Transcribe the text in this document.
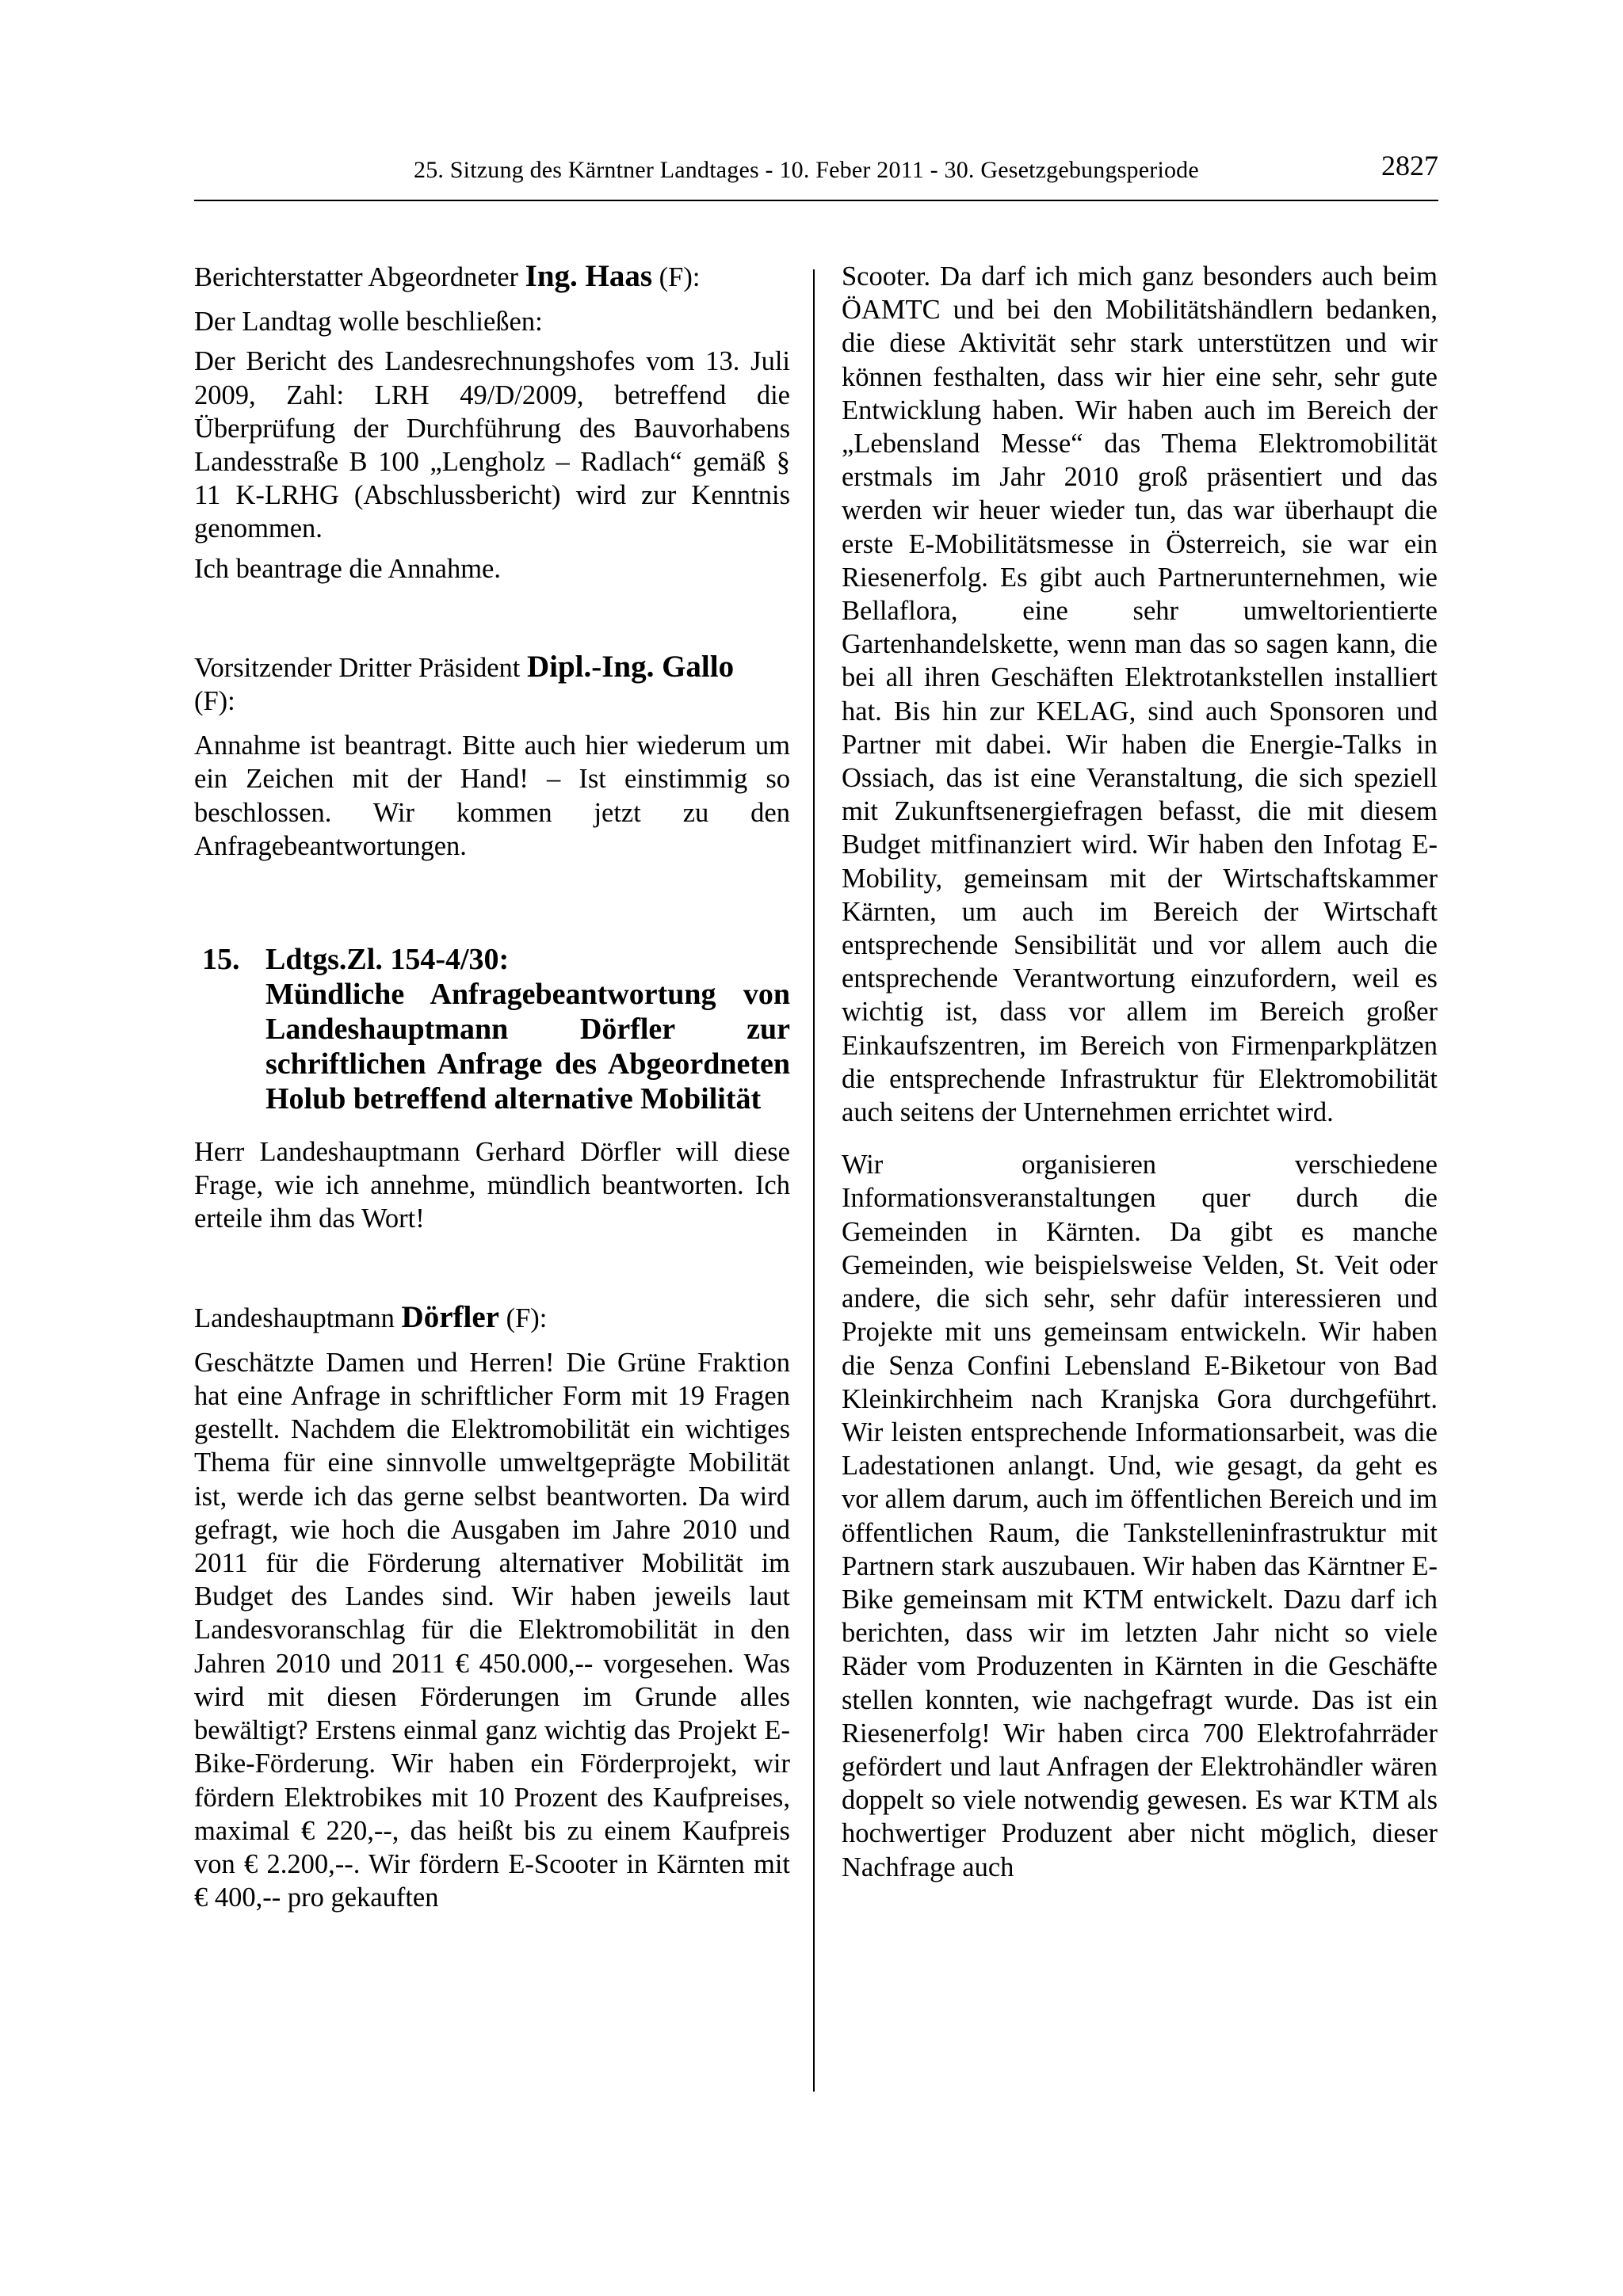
25. Sitzung des Kärntner Landtages - 10. Feber 2011 - 30. Gesetzgebungsperiode	2827

Berichterstatter Abgeordneter Ing. Haas (F):

Der Landtag wolle beschließen:

Der Bericht des Landesrechnungshofes vom 13. Juli 2009, Zahl: LRH 49/D/2009, betreffend die Überprüfung der Durchführung des Bauvorhabens Landesstraße B 100 „Lengholz – Radlach“ gemäß § 11 K-LRHG (Abschlussbericht) wird zur Kenntnis genommen.

Ich beantrage die Annahme.

Vorsitzender Dritter Präsident Dipl.-Ing. Gallo
(F):

Annahme ist beantragt. Bitte auch hier wiederum um ein Zeichen mit der Hand! – Ist einstimmig so beschlossen. Wir kommen jetzt zu den Anfragebeantwortungen.

15. Ldtgs.Zl. 154-4/30:

Mündliche Anfragebeantwortung von Landeshauptmann Dörfler zur schriftlichen Anfrage des Abgeordneten Holub betreffend alternative Mobilität

Herr Landeshauptmann Gerhard Dörfler will diese Frage, wie ich annehme, mündlich beantworten. Ich erteile ihm das Wort!

Landeshauptmann Dörfler (F):

Geschätzte Damen und Herren! Die Grüne Fraktion hat eine Anfrage in schriftlicher Form mit 19 Fragen gestellt. Nachdem die Elektromobilität ein wichtiges Thema für eine sinnvolle umweltgeprägte Mobilität ist, werde ich das gerne selbst beantworten. Da wird gefragt, wie hoch die Ausgaben im Jahre 2010 und 2011 für die Förderung alternativer Mobilität im Budget des Landes sind. Wir haben jeweils laut Landesvoranschlag für die Elektromobilität in den Jahren 2010 und 2011 € 450.000,-- vorgesehen. Was wird mit diesen Förderungen im Grunde alles bewältigt? Erstens einmal ganz wichtig das Projekt E-Bike-Förderung. Wir haben ein Förderprojekt, wir fördern Elektrobikes mit 10 Prozent des Kaufpreises, maximal € 220,--, das heißt bis zu einem Kaufpreis von € 2.200,--. Wir fördern E-Scooter in Kärnten mit € 400,-- pro gekauften

Scooter. Da darf ich mich ganz besonders auch beim ÖAMTC und bei den Mobilitätshändlern bedanken, die diese Aktivität sehr stark unterstützen und wir können festhalten, dass wir hier eine sehr, sehr gute Entwicklung haben. Wir haben auch im Bereich der „Lebensland Messe“ das Thema Elektromobilität erstmals im Jahr 2010 groß präsentiert und das werden wir heuer wieder tun, das war überhaupt die erste E-Mobilitätsmesse in Österreich, sie war ein Riesenerfolg. Es gibt auch Partnerunternehmen, wie Bellaflora, eine sehr umweltorientierte Gartenhandelskette, wenn man das so sagen kann, die bei all ihren Geschäften Elektrotankstellen installiert hat. Bis hin zur KELAG, sind auch Sponsoren und Partner mit dabei. Wir haben die Energie-Talks in Ossiach, das ist eine Veranstaltung, die sich speziell mit Zukunftsenergiefragen befasst, die mit diesem Budget mitfinanziert wird. Wir haben den Infotag E-Mobility, gemeinsam mit der Wirtschaftskammer Kärnten, um auch im Bereich der Wirtschaft entsprechende Sensibilität und vor allem auch die entsprechende Verantwortung einzufordern, weil es wichtig ist, dass vor allem im Bereich großer Einkaufszentren, im Bereich von Firmenparkplätzen die entsprechende Infrastruktur für Elektromobilität auch seitens der Unternehmen errichtet wird.

Wir organisieren verschiedene Informationsveranstaltungen quer durch die Gemeinden in Kärnten. Da gibt es manche Gemeinden, wie beispielsweise Velden, St. Veit oder andere, die sich sehr, sehr dafür interessieren und Projekte mit uns gemeinsam entwickeln. Wir haben die Senza Confini Lebensland E-Biketour von Bad Kleinkirchheim nach Kranjska Gora durchgeführt. Wir leisten entsprechende Informationsarbeit, was die Ladestationen anlangt. Und, wie gesagt, da geht es vor allem darum, auch im öffentlichen Bereich und im öffentlichen Raum, die Tankstelleninfrastruktur mit Partnern stark auszubauen. Wir haben das Kärntner E-Bike gemeinsam mit KTM entwickelt. Dazu darf ich berichten, dass wir im letzten Jahr nicht so viele Räder vom Produzenten in Kärnten in die Geschäfte stellen konnten, wie nachgefragt wurde. Das ist ein Riesenerfolg! Wir haben circa 700 Elektrofahrräder gefördert und laut Anfragen der Elektrohändler wären doppelt so viele notwendig gewesen. Es war KTM als hochwertiger Produzent aber nicht möglich, dieser Nachfrage auch
